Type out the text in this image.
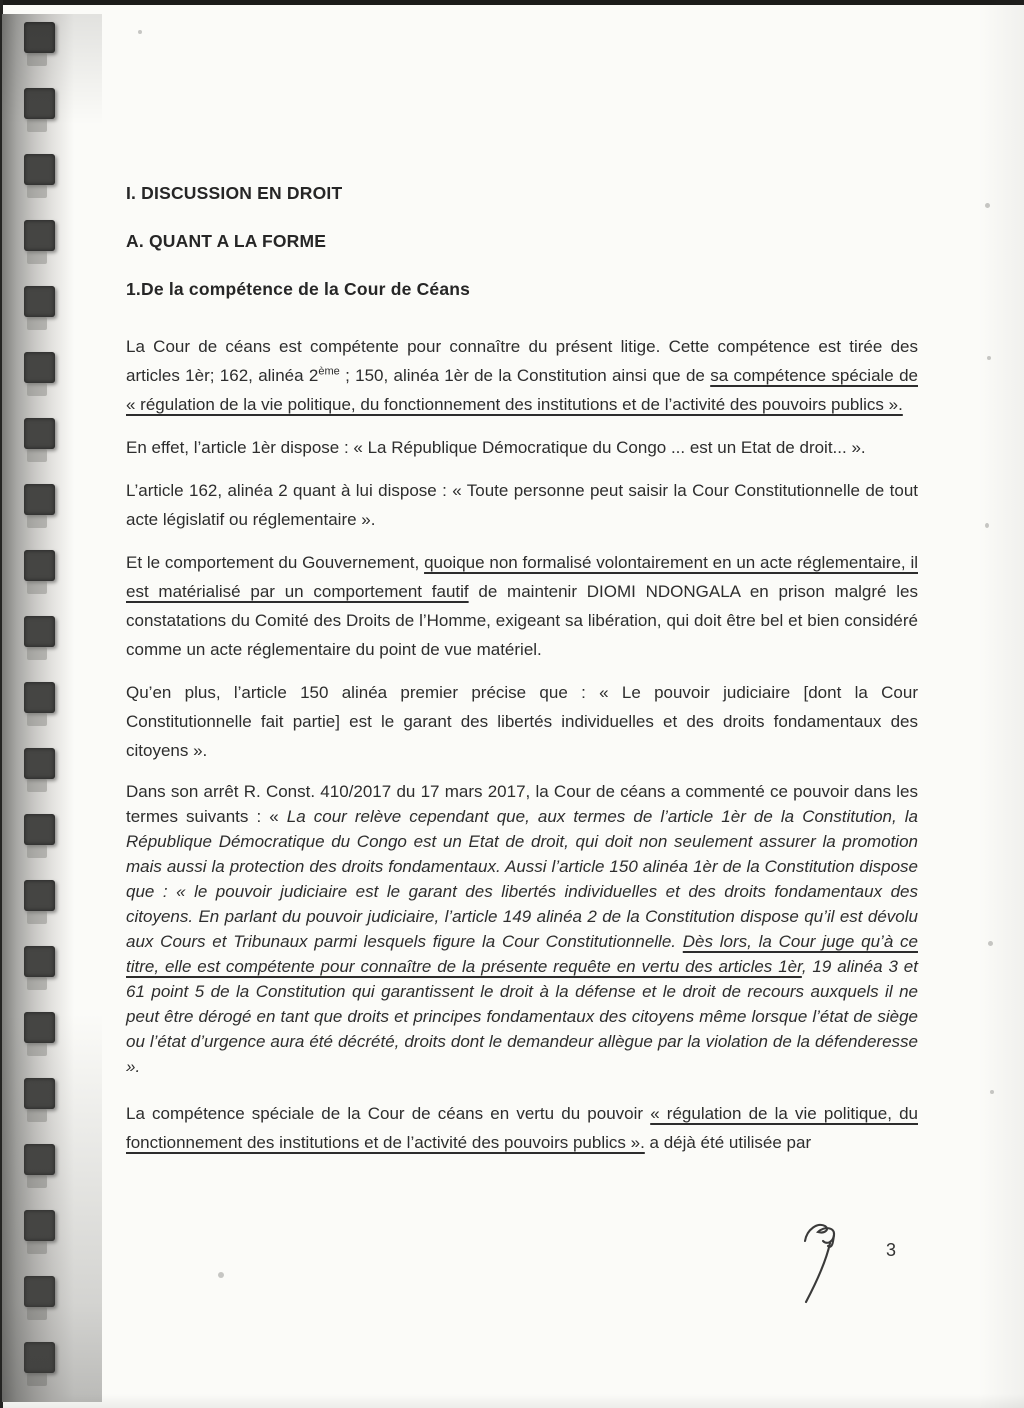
I. DISCUSSION EN DROIT
A. QUANT A LA FORME
1.De la compétence de la Cour de Céans

La Cour de céans est compétente pour connaître du présent litige. Cette compétence est tirée des articles 1èr; 162, alinéa 2ème ; 150, alinéa 1èr de la Constitution ainsi que de sa compétence spéciale de « régulation de la vie politique, du fonctionnement des institutions et de l’activité des pouvoirs publics ».

En effet, l’article 1èr dispose : « La République Démocratique du Congo ... est un Etat de droit... ».

L’article 162, alinéa 2 quant à lui dispose : « Toute personne peut saisir la Cour Constitutionnelle de tout acte législatif ou réglementaire ».

Et le comportement du Gouvernement, quoique non formalisé volontairement en un acte réglementaire, il est matérialisé par un comportement fautif de maintenir DIOMI NDONGALA en prison malgré les constatations du Comité des Droits de l’Homme, exigeant sa libération, qui doit être bel et bien considéré comme un acte réglementaire du point de vue matériel.

Qu’en plus, l’article 150 alinéa premier précise que : « Le pouvoir judiciaire [dont la Cour Constitutionnelle fait partie] est le garant des libertés individuelles et des droits fondamentaux des citoyens ».

Dans son arrêt R. Const. 410/2017 du 17 mars 2017, la Cour de céans a commenté ce pouvoir dans les termes suivants : « La cour relève cependant que, aux termes de l’article 1èr de la Constitution, la République Démocratique du Congo est un Etat de droit, qui doit non seulement assurer la promotion mais aussi la protection des droits fondamentaux. Aussi l’article 150 alinéa 1èr de la Constitution dispose que : « le pouvoir judiciaire est le garant des libertés individuelles et des droits fondamentaux des citoyens. En parlant du pouvoir judiciaire, l’article 149 alinéa 2 de la Constitution dispose qu’il est dévolu aux Cours et Tribunaux parmi lesquels figure la Cour Constitutionnelle. Dès lors, la Cour juge qu’à ce titre, elle est compétente pour connaître de la présente requête en vertu des articles 1èr, 19 alinéa 3 et 61 point 5 de la Constitution qui garantissent le droit à la défense et le droit de recours auxquels il ne peut être dérogé en tant que droits et principes fondamentaux des citoyens même lorsque l’état de siège ou l’état d’urgence aura été décrété, droits dont le demandeur allègue par la violation de la défenderesse ».

La compétence spéciale de la Cour de céans en vertu du pouvoir « régulation de la vie politique, du fonctionnement des institutions et de l’activité des pouvoirs publics ». a déjà été utilisée par

3
